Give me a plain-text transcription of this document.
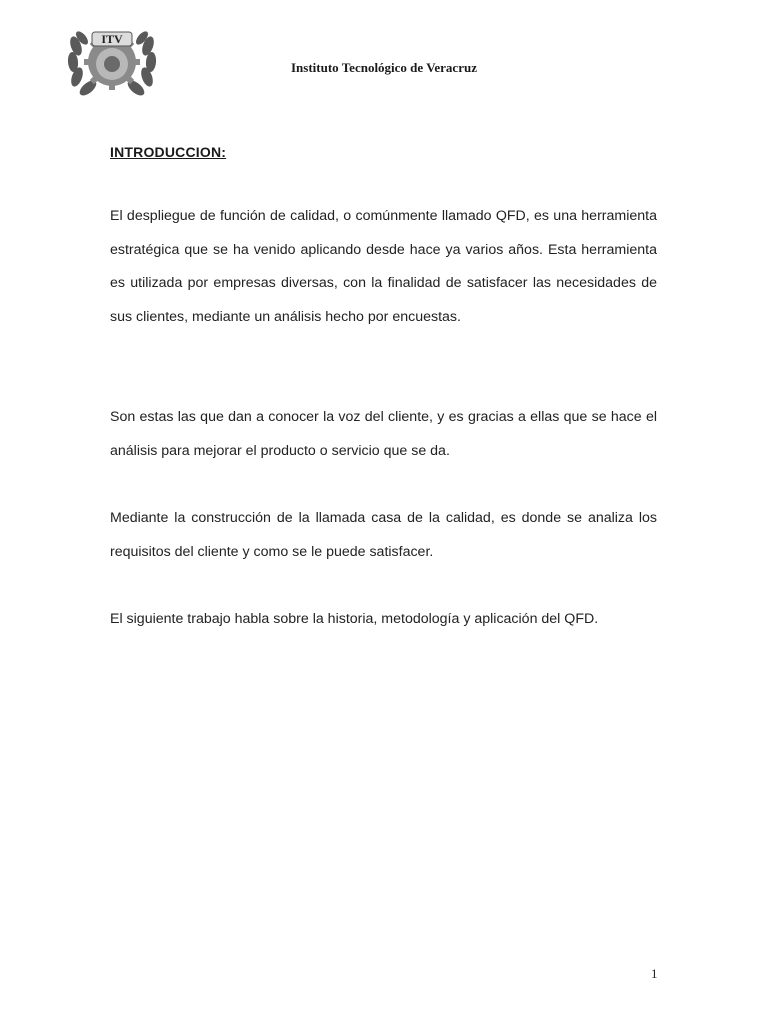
ITV
Instituto Tecnológico de Veracruz
INTRODUCCION:

El despliegue de función de calidad, o comúnmente llamado QFD, es una herramienta estratégica que se ha venido aplicando desde hace ya varios años. Esta herramienta es utilizada por empresas diversas, con la finalidad de satisfacer las necesidades de sus clientes, mediante un análisis hecho por encuestas.

Son estas las que dan a conocer la voz del cliente, y es gracias a ellas que se hace el análisis para mejorar el producto o servicio que se da.

Mediante la construcción de la llamada casa de la calidad, es donde se analiza los requisitos del cliente y como se le puede satisfacer.

El siguiente trabajo habla sobre la historia, metodología y aplicación del QFD.

1
